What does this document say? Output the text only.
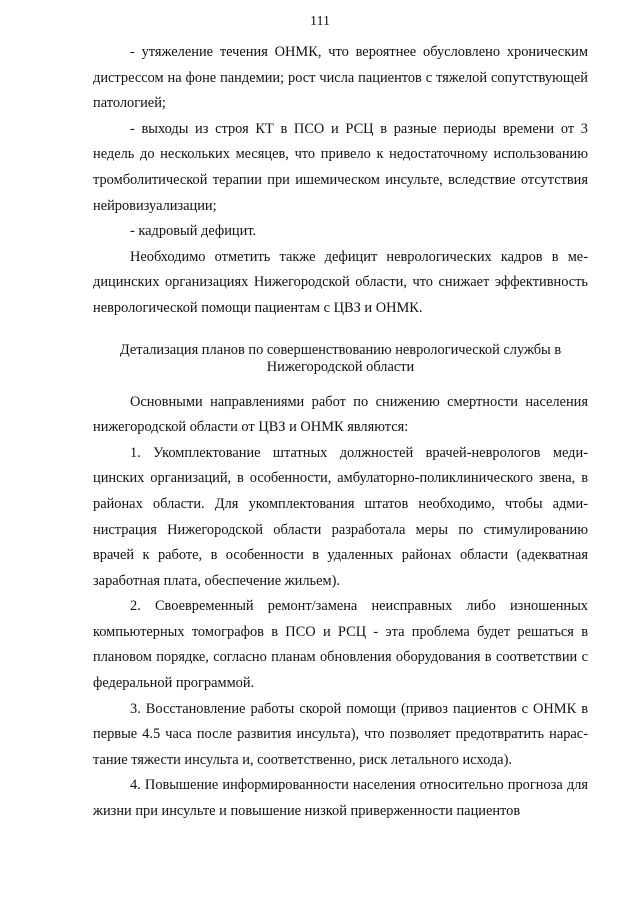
111

- утяжеление течения ОНМК, что вероятнее обусловлено хроническим дистрессом на фоне пандемии; рост числа пациентов с тяжелой сопутствующей патологией;

- выходы из строя КТ в ПСО и РСЦ в разные периоды времени от 3 недель до нескольких месяцев, что привело к недостаточному использованию тромболитической терапии при ишемическом инсульте, вследствие отсутствия нейровизуализации;

- кадровый дефицит.

Необходимо отметить также дефицит неврологических кадров в медицинских организациях Нижегородской области, что снижает эффективность неврологической помощи пациентам с ЦВЗ и ОНМК.

Детализация планов по совершенствованию неврологической службы в
Нижегородской области

Основными направлениями работ по снижению смертности населения нижегородской области от ЦВЗ и ОНМК являются:

1. Укомплектование штатных должностей врачей-неврологов медицинских организаций, в особенности, амбулаторно-поликлинического звена, в районах области. Для укомплектования штатов необходимо, чтобы администрация Нижегородской области разработала меры по стимулированию врачей к работе, в особенности в удаленных районах области (адекватная заработная плата, обеспечение жильем).

2. Своевременный ремонт/замена неисправных либо изношенных компьютерных томографов в ПСО и РСЦ - эта проблема будет решаться в плановом порядке, согласно планам обновления оборудования в соответствии с федеральной программой.

3. Восстановление работы скорой помощи (привоз пациентов с ОНМК в первые 4.5 часа после развития инсульта), что позволяет предотвратить нарастание тяжести инсульта и, соответственно, риск летального исхода).

4. Повышение информированности населения относительно прогноза для жизни при инсульте и повышение низкой приверженности пациентов
